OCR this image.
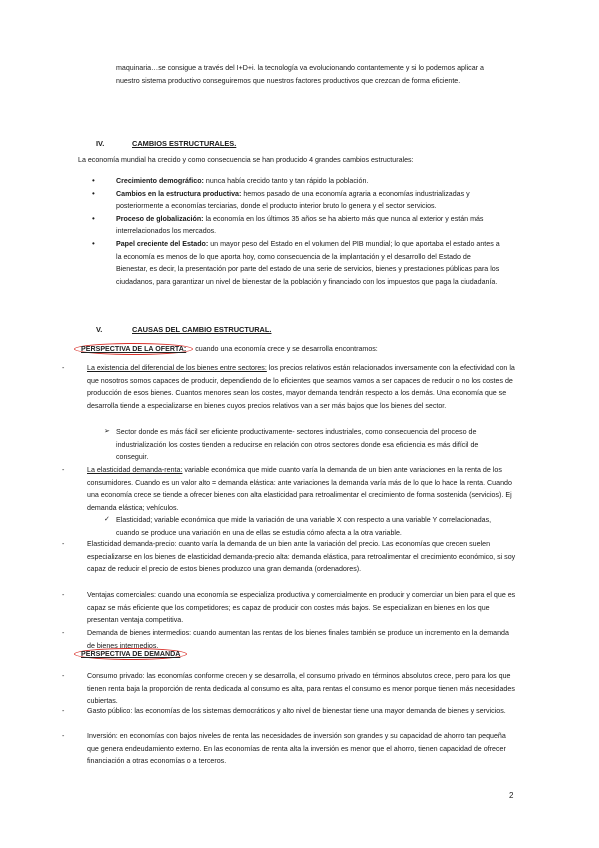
maquinaria…se consigue a través del I+D+i. la tecnología va evolucionando contantemente y si lo podemos aplicar a nuestro sistema productivo conseguiremos que nuestros factores productivos que crezcan de forma eficiente.

IV.	CAMBIOS ESTRUCTURALES.

La economía mundial ha crecido y como consecuencia se han producido 4 grandes cambios estructurales:

• Crecimiento demográfico: nunca había crecido tanto y tan rápido la población.
• Cambios en la estructura productiva: hemos pasado de una economía agraria a economías industrializadas y posteriormente a economías terciarias, donde el producto interior bruto lo genera y el sector servicios.
• Proceso de globalización: la economía en los últimos 35 años se ha abierto más que nunca al exterior y están más interrelacionados los mercados.
• Papel creciente del Estado: un mayor peso del Estado en el volumen del PIB mundial; lo que aportaba el estado antes a la economía es menos de lo que aporta hoy, como consecuencia de la implantación y el desarrollo del Estado de Bienestar, es decir, la presentación por parte del estado de una serie de servicios, bienes y prestaciones públicas para los ciudadanos, para garantizar un nivel de bienestar de la población y financiado con los impuestos que paga la ciudadanía.
V.	CAUSAS DEL CAMBIO ESTRUCTURAL.
PERSPECTIVA DE LA OFERTA: cuando una economía crece y se desarrolla encontramos:
-	La existencia del diferencial de los bienes entre sectores: los precios relativos están relacionados inversamente con la efectividad con la que nosotros somos capaces de producir, dependiendo de lo eficientes que seamos vamos a ser capaces de reducir o no los costes de producción de esos bienes. Cuantos menores sean los costes, mayor demanda tendrán respecto a los demás. Una economía que se desarrolla tiende a especializarse en bienes cuyos precios relativos van a ser más bajos que los bienes del sector.
➢ Sector donde es más fácil ser eficiente productivamente- sectores industriales, como consecuencia del proceso de industrialización los costes tienden a reducirse en relación con otros sectores donde esa eficiencia es más difícil de conseguir.
-	La elasticidad demanda-renta: variable económica que mide cuanto varía la demanda de un bien ante variaciones en la renta de los consumidores. Cuando es un valor alto = demanda elástica: ante variaciones la demanda varía más de lo que lo hace la renta. Cuando una economía crece se tiende a ofrecer bienes con alta elasticidad para retroalimentar el crecimiento de forma sostenida (servicios). Ej demanda elástica; vehículos.
✓ Elasticidad; variable económica que mide la variación de una variable X con respecto a una variable Y correlacionadas, cuando se produce una variación en una de ellas se estudia cómo afecta a la otra variable.
-	Elasticidad demanda-precio: cuanto varía la demanda de un bien ante la variación del precio. Las economías que crecen suelen especializarse en los bienes de elasticidad demanda-precio alta: demanda elástica, para retroalimentar el crecimiento económico, si soy capaz de reducir el precio de estos bienes produzco una gran demanda (ordenadores).
-	Ventajas comerciales: cuando una economía se especializa productiva y comercialmente en producir y comerciar un bien para el que es capaz se más eficiente que los competidores; es capaz de producir con costes más bajos. Se especializan en bienes en los que presentan ventaja competitiva.
-	Demanda de bienes intermedios: cuando aumentan las rentas de los bienes finales también se produce un incremento en la demanda de bienes intermedios.
PERSPECTIVA DE DEMANDA
-	Consumo privado: las economías conforme crecen y se desarrolla, el consumo privado en términos absolutos crece, pero para los que tienen renta baja la proporción de renta dedicada al consumo es alta, para rentas el consumo es menor porque tienen más necesidades cubiertas.
-	Gasto público: las economías de los sistemas democráticos y alto nivel de bienestar tiene una mayor demanda de bienes y servicios.
-	Inversión: en economías con bajos niveles de renta las necesidades de inversión son grandes y su capacidad de ahorro tan pequeña que genera endeudamiento externo. En las economías de renta alta la inversión es menor que el ahorro, tienen capacidad de ofrecer financiación a otras economías o a terceros.
2
